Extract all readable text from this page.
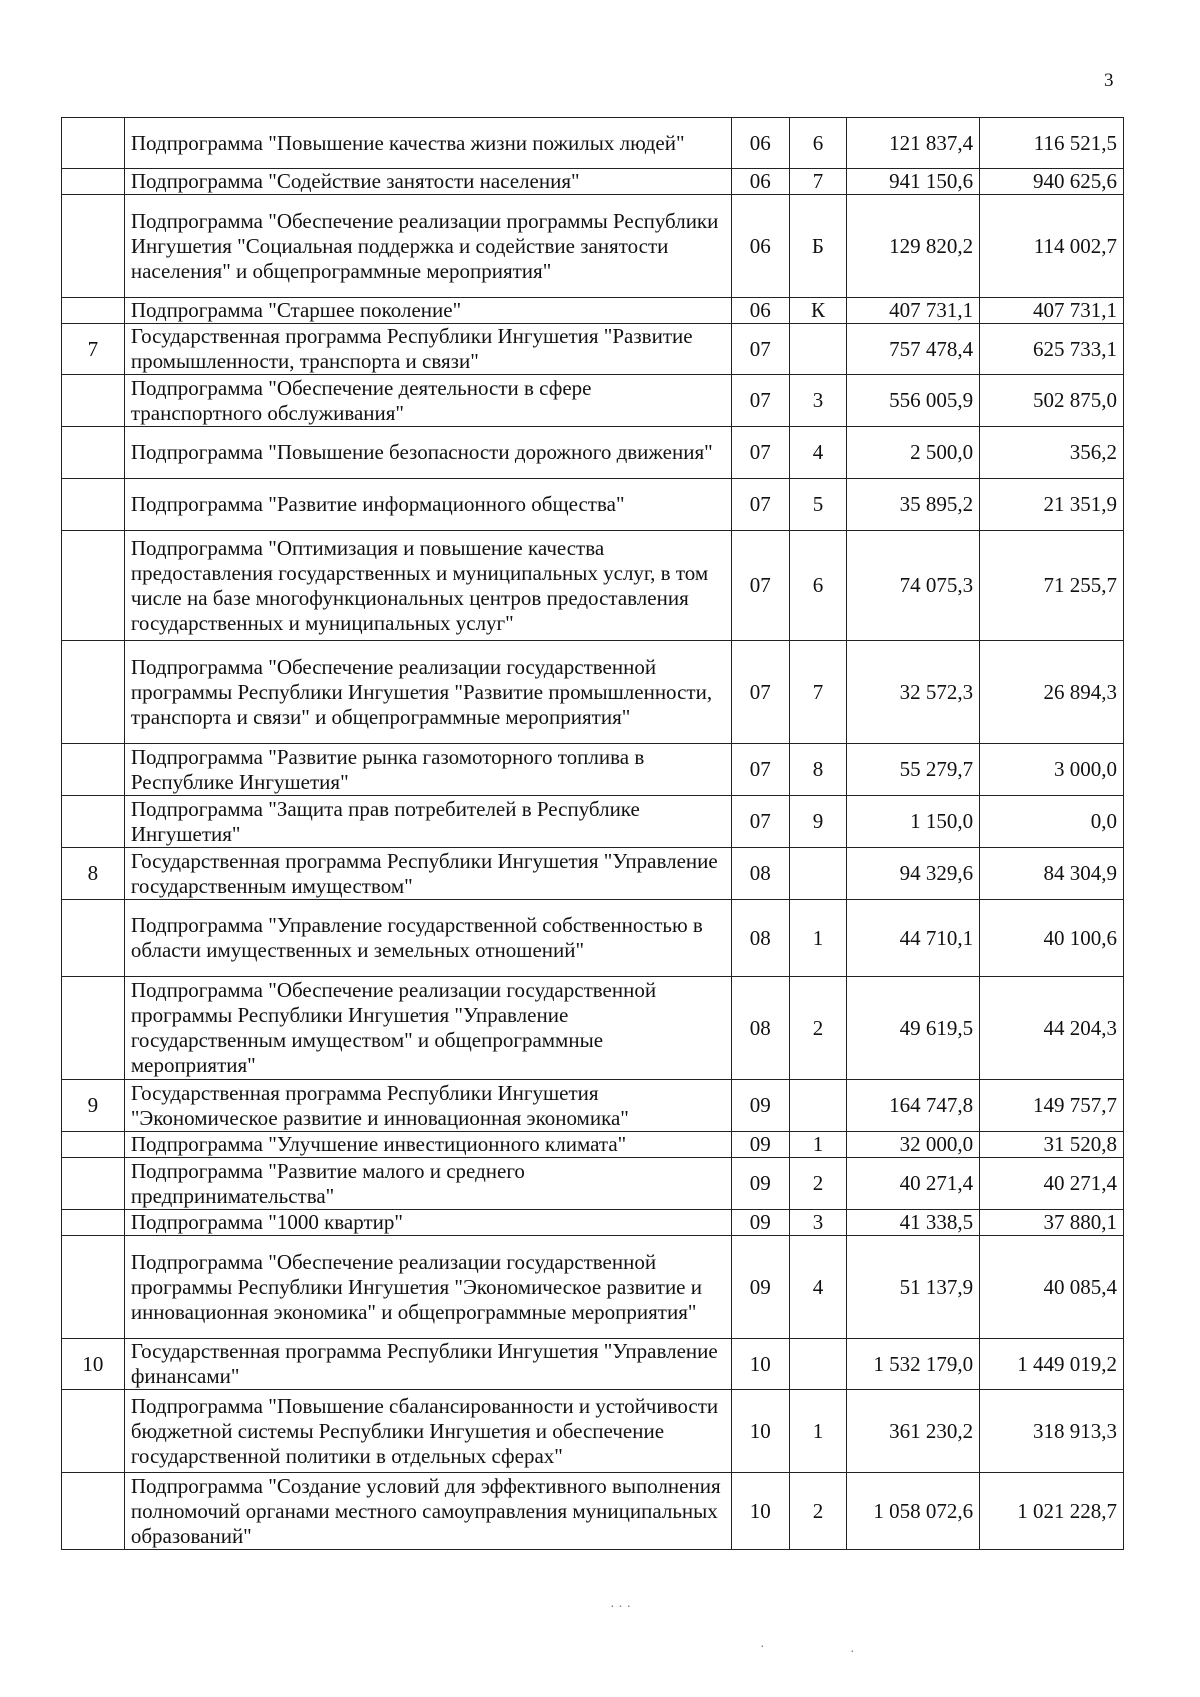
3
	Подпрограмма "Повышение качества жизни пожилых людей"	06	6	121 837,4	116 521,5
	Подпрограмма "Содействие занятости населения"	06	7	941 150,6	940 625,6
	Подпрограмма "Обеспечение реализации программы Республики Ингушетия "Социальная поддержка и содействие занятости населения" и общепрограммные мероприятия"	06	Б	129 820,2	114 002,7
	Подпрограмма "Старшее поколение"	06	К	407 731,1	407 731,1
7	Государственная программа Республики Ингушетия "Развитие промышленности, транспорта и связи"	07		757 478,4	625 733,1
	Подпрограмма "Обеспечение деятельности в сфере транспортного обслуживания"	07	3	556 005,9	502 875,0
	Подпрограмма "Повышение безопасности дорожного движения"	07	4	2 500,0	356,2
	Подпрограмма "Развитие информационного общества"	07	5	35 895,2	21 351,9
	Подпрограмма "Оптимизация и повышение качества предоставления государственных и муниципальных услуг, в том числе на базе многофункциональных центров предоставления государственных и муниципальных услуг"	07	6	74 075,3	71 255,7
	Подпрограмма "Обеспечение реализации государственной программы Республики Ингушетия "Развитие промышленности, транспорта и связи" и общепрограммные мероприятия"	07	7	32 572,3	26 894,3
	Подпрограмма "Развитие рынка газомоторного топлива в Республике Ингушетия"	07	8	55 279,7	3 000,0
	Подпрограмма "Защита прав потребителей в Республике Ингушетия"	07	9	1 150,0	0,0
8	Государственная программа Республики Ингушетия "Управление государственным имуществом"	08		94 329,6	84 304,9
	Подпрограмма "Управление государственной собственностью в области имущественных и земельных отношений"	08	1	44 710,1	40 100,6
	Подпрограмма "Обеспечение реализации государственной программы Республики Ингушетия "Управление государственным имуществом" и общепрограммные мероприятия"	08	2	49 619,5	44 204,3
9	Государственная программа Республики Ингушетия "Экономическое развитие и инновационная экономика"	09		164 747,8	149 757,7
	Подпрограмма "Улучшение инвестиционного климата"	09	1	32 000,0	31 520,8
	Подпрограмма "Развитие малого и среднего предпринимательства"	09	2	40 271,4	40 271,4
	Подпрограмма "1000 квартир"	09	3	41 338,5	37 880,1
	Подпрограмма "Обеспечение реализации государственной программы Республики Ингушетия "Экономическое развитие и инновационная экономика" и общепрограммные мероприятия"	09	4	51 137,9	40 085,4
10	Государственная программа Республики Ингушетия "Управление финансами"	10		1 532 179,0	1 449 019,2
	Подпрограмма "Повышение сбалансированности и устойчивости бюджетной системы Республики Ингушетия и обеспечение государственной политики в отдельных сферах"	10	1	361 230,2	318 913,3
	Подпрограмма "Создание условий для эффективного выполнения полномочий органами местного самоуправления муниципальных образований"	10	2	1 058 072,6	1 021 228,7
· · ·
·	·
